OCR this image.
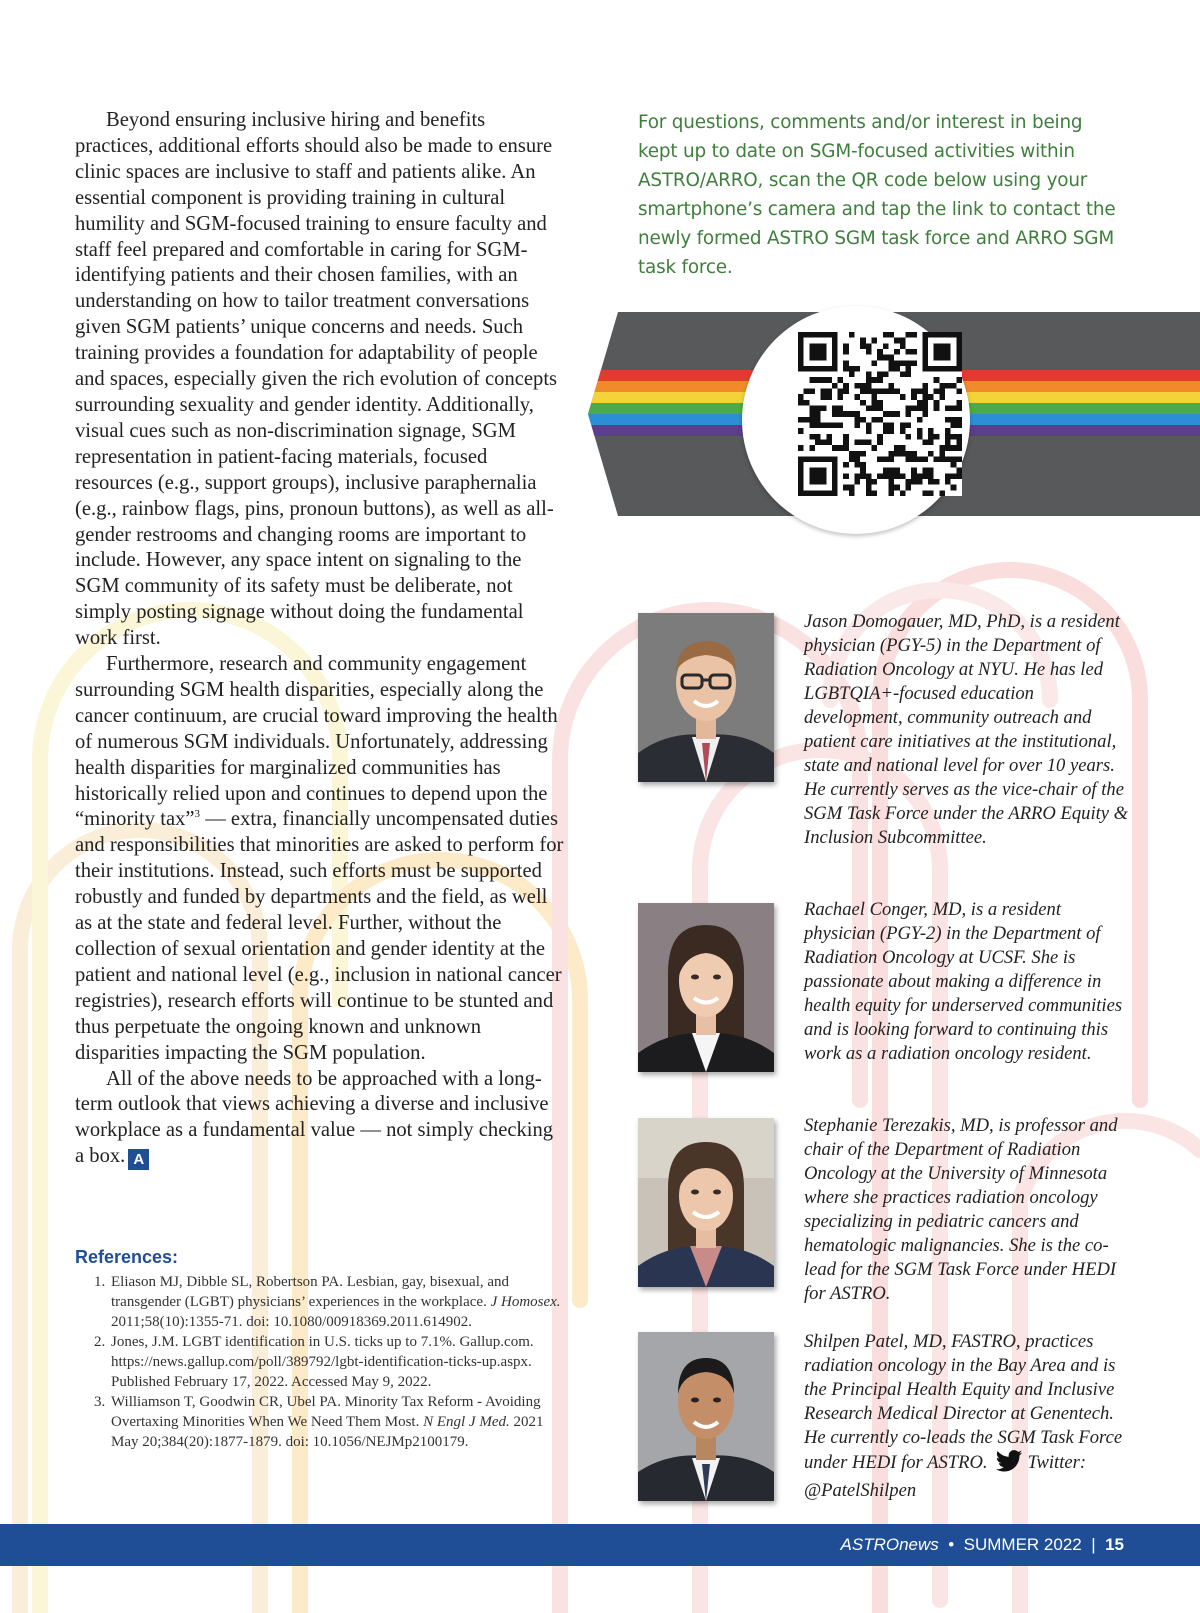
Beyond ensuring inclusive hiring and benefits practices, additional efforts should also be made to ensure clinic spaces are inclusive to staff and patients alike. An essential component is providing training in cultural humility and SGM-focused training to ensure faculty and staff feel prepared and comfortable in caring for SGM-identifying patients and their chosen families, with an understanding on how to tailor treatment conversations given SGM patients’ unique concerns and needs. Such training provides a foundation for adaptability of people and spaces, especially given the rich evolution of concepts surrounding sexuality and gender identity. Additionally, visual cues such as non-discrimination signage, SGM representation in patient-facing materials, focused resources (e.g., support groups), inclusive paraphernalia (e.g., rainbow flags, pins, pronoun buttons), as well as all-gender restrooms and changing rooms are important to include. However, any space intent on signaling to the SGM community of its safety must be deliberate, not simply posting signage without doing the fundamental work first.

Furthermore, research and community engagement surrounding SGM health disparities, especially along the cancer continuum, are crucial toward improving the health of numerous SGM individuals. Unfortunately, addressing health disparities for marginalized communities has historically relied upon and continues to depend upon the “minority tax”$^3$ — extra, financially uncompensated duties and responsibilities that minorities are asked to perform for their institutions. Instead, such efforts must be supported robustly and funded by departments and the field, as well as at the state and federal level. Further, without the collection of sexual orientation and gender identity at the patient and national level (e.g., inclusion in national cancer registries), research efforts will continue to be stunted and thus perpetuate the ongoing known and unknown disparities impacting the SGM population.

All of the above needs to be approached with a long-term outlook that views achieving a diverse and inclusive workplace as a fundamental value — not simply checking a box. A

References:
1. Eliason MJ, Dibble SL, Robertson PA. Lesbian, gay, bisexual, and transgender (LGBT) physicians’ experiences in the workplace. J Homosex. 2011;58(10):1355-71. doi: 10.1080/00918369.2011.614902.
2. Jones, J.M. LGBT identification in U.S. ticks up to 7.1%. Gallup.com. https://news.gallup.com/poll/389792/lgbt-identification-ticks-up.aspx. Published February 17, 2022. Accessed May 9, 2022.
3. Williamson T, Goodwin CR, Ubel PA. Minority Tax Reform - Avoiding Overtaxing Minorities When We Need Them Most. N Engl J Med. 2021 May 20;384(20):1877-1879. doi: 10.1056/NEJMp2100179.
For questions, comments and/or interest in being kept up to date on SGM-focused activities within ASTRO/ARRO, scan the QR code below using your smartphone’s camera and tap the link to contact the newly formed ASTRO SGM task force and ARRO SGM task force.
Jason Domogauer, MD, PhD, is a resident physician (PGY-5) in the Department of Radiation Oncology at NYU. He has led LGBTQIA+-focused education development, community outreach and patient care initiatives at the institutional, state and national level for over 10 years. He currently serves as the vice-chair of the SGM Task Force under the ARRO Equity & Inclusion Subcommittee.
Rachael Conger, MD, is a resident physician (PGY-2) in the Department of Radiation Oncology at UCSF. She is passionate about making a difference in health equity for underserved communities and is looking forward to continuing this work as a radiation oncology resident.
Stephanie Terezakis, MD, is professor and chair of the Department of Radiation Oncology at the University of Minnesota where she practices radiation oncology specializing in pediatric cancers and hematologic malignancies. She is the co-lead for the SGM Task Force under HEDI for ASTRO.
Shilpen Patel, MD, FASTRO, practices radiation oncology in the Bay Area and is the Principal Health Equity and Inclusive Research Medical Director at Genentech. He currently co-leads the SGM Task Force under HEDI for ASTRO. Twitter: @PatelShilpen
ASTROnews • SUMMER 2022 | 15
